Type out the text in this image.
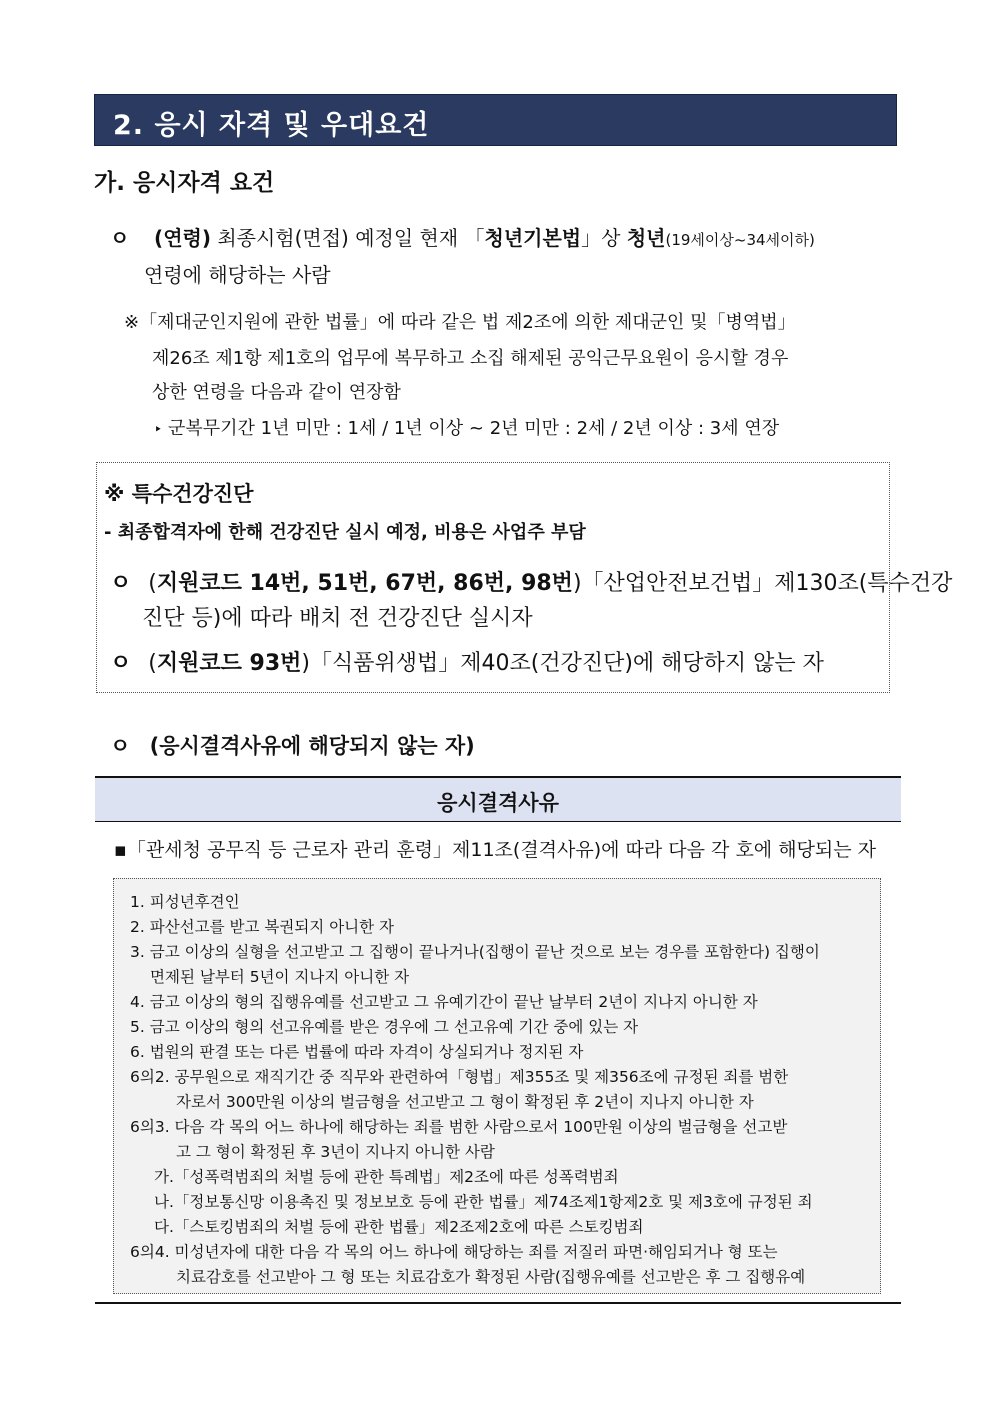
2. 응시 자격 및 우대요건
가. 응시자격 요건
ㅇ (연령) 최종시험(면접) 예정일 현재 「청년기본법」상 청년(19세이상~34세이하)
연령에 해당하는 사람
※「제대군인지원에 관한 법률」에 따라 같은 법 제2조에 의한 제대군인 및「병역법」
제26조 제1항 제1호의 업무에 복무하고 소집 해제된 공익근무요원이 응시할 경우
상한 연령을 다음과 같이 연장함
‣ 군복무기간 1년 미만 : 1세 / 1년 이상 ~ 2년 미만 : 2세 / 2년 이상 : 3세 연장
※ 특수건강진단
- 최종합격자에 한해 건강진단 실시 예정, 비용은 사업주 부담
ㅇ (지원코드 14번, 51번, 67번, 86번, 98번)「산업안전보건법」제130조(특수건강
진단 등)에 따라 배치 전 건강진단 실시자
ㅇ (지원코드 93번)「식품위생법」제40조(건강진단)에 해당하지 않는 자
ㅇ (응시결격사유에 해당되지 않는 자)
응시결격사유
▪「관세청 공무직 등 근로자 관리 훈령」제11조(결격사유)에 따라 다음 각 호에 해당되는 자
1. 피성년후견인
2. 파산선고를 받고 복권되지 아니한 자
3. 금고 이상의 실형을 선고받고 그 집행이 끝나거나(집행이 끝난 것으로 보는 경우를 포함한다) 집행이
면제된 날부터 5년이 지나지 아니한 자
4. 금고 이상의 형의 집행유예를 선고받고 그 유예기간이 끝난 날부터 2년이 지나지 아니한 자
5. 금고 이상의 형의 선고유예를 받은 경우에 그 선고유예 기간 중에 있는 자
6. 법원의 판결 또는 다른 법률에 따라 자격이 상실되거나 정지된 자
6의2. 공무원으로 재직기간 중 직무와 관련하여「형법」제355조 및 제356조에 규정된 죄를 범한
자로서 300만원 이상의 벌금형을 선고받고 그 형이 확정된 후 2년이 지나지 아니한 자
6의3. 다음 각 목의 어느 하나에 해당하는 죄를 범한 사람으로서 100만원 이상의 벌금형을 선고받
고 그 형이 확정된 후 3년이 지나지 아니한 사람
가.「성폭력범죄의 처벌 등에 관한 특례법」제2조에 따른 성폭력범죄
나.「정보통신망 이용촉진 및 정보보호 등에 관한 법률」제74조제1항제2호 및 제3호에 규정된 죄
다.「스토킹범죄의 처벌 등에 관한 법률」제2조제2호에 따른 스토킹범죄
6의4. 미성년자에 대한 다음 각 목의 어느 하나에 해당하는 죄를 저질러 파면·해임되거나 형 또는
치료감호를 선고받아 그 형 또는 치료감호가 확정된 사람(집행유예를 선고받은 후 그 집행유예
